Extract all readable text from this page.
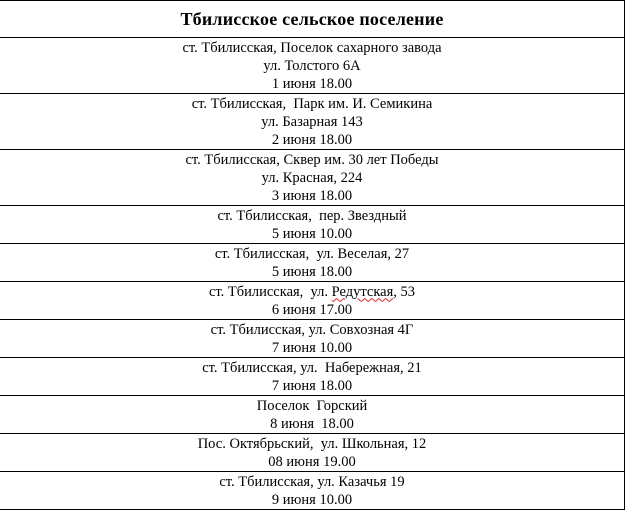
Тбилисское сельское поселение

ст. Тбилисская, Поселок сахарного завода
ул. Толстого 6А
1 июня 18.00

ст. Тбилисская,  Парк им. И. Семикина
ул. Базарная 143
2 июня 18.00

ст. Тбилисская, Сквер им. 30 лет Победы
ул. Красная, 224
3 июня 18.00

ст. Тбилисская,  пер. Звездный
5 июня 10.00

ст. Тбилисская,  ул. Веселая, 27
5 июня 18.00

ст. Тбилисская,  ул. Редутская, 53
6 июня 17.00

ст. Тбилисская, ул. Совхозная 4Г
7 июня 10.00

ст. Тбилисская, ул.  Набережная, 21
7 июня 18.00

Поселок  Горский
8 июня  18.00

Пос. Октябрьский,  ул. Школьная, 12
08 июня 19.00

ст. Тбилисская, ул. Казачья 19
9 июня 10.00
